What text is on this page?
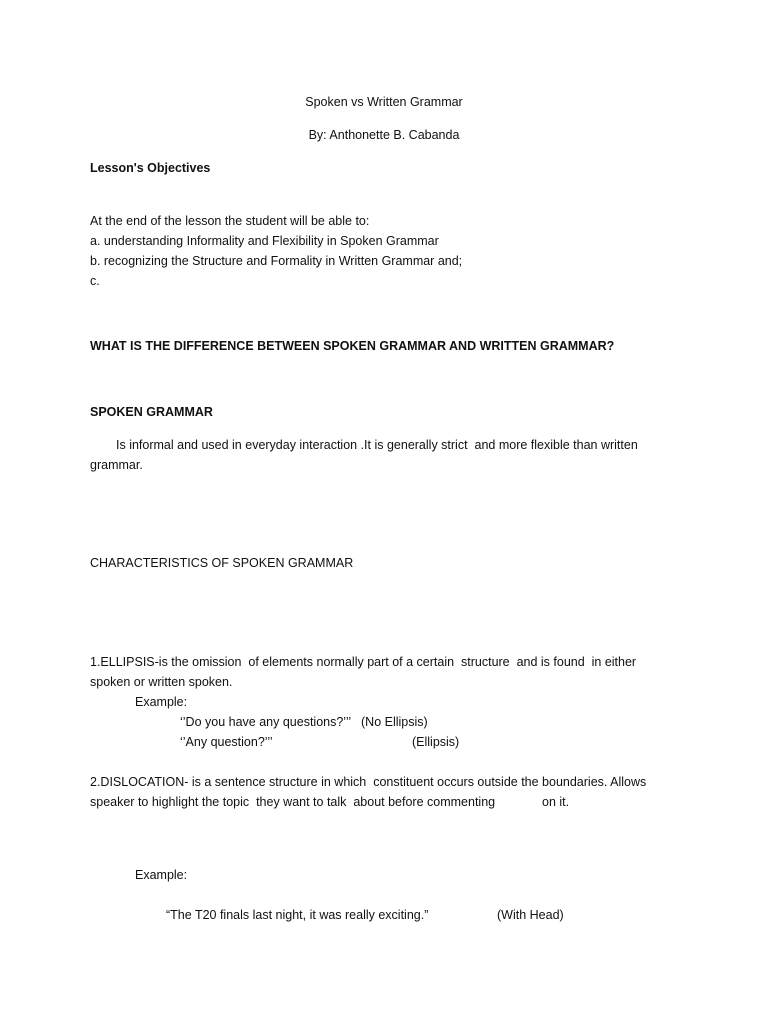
Spoken vs Written Grammar
By: Anthonette B. Cabanda
Lesson's Objectives
At the end of the lesson the student will be able to:
a. understanding Informality and Flexibility in Spoken Grammar
b. recognizing the Structure and Formality in Written Grammar and;
c.
WHAT IS THE DIFFERENCE BETWEEN SPOKEN GRAMMAR AND WRITTEN GRAMMAR?
SPOKEN GRAMMAR
Is informal and used in everyday interaction .It is generally strict  and more flexible than written
grammar.
CHARACTERISTICS OF SPOKEN GRAMMAR
1.ELLIPSIS-is the omission  of elements normally part of a certain  structure  and is found  in either
spoken or written spoken.
Example:
‘’Do you have any questions?’’’ (No Ellipsis)
‘’Any question?’’’	(Ellipsis)
2.DISLOCATION- is a sentence structure in which  constituent occurs outside the boundaries. Allows
speaker to highlight the topic  they want to talk  about before commenting	on it.
Example:
“The T20 finals last night, it was really exciting.”	(With Head)
